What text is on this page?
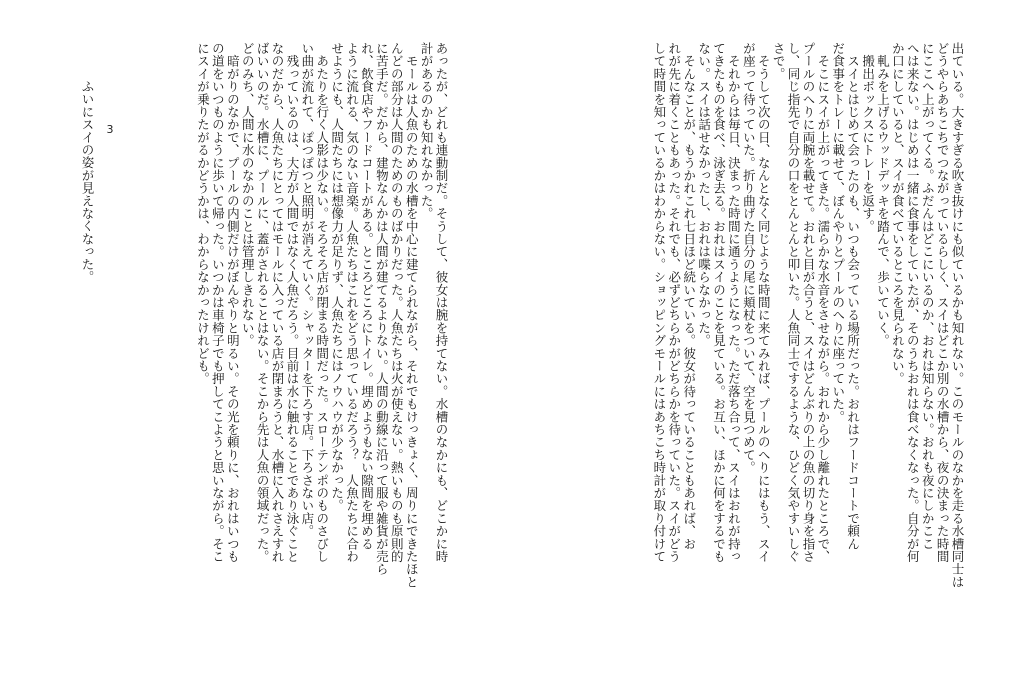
出ている。大きすぎる吹き抜けにも似ているかも知れない。このモールのなかを走る水槽同士は

どうやらあちこちでつながっているらしく、スイはどこか別の水槽から、夜の決まった時間

にここへ上がってくる。ふだんはどこにいるのか、おれは知らない。おれも夜にしかここ

へは来ない。はじめは一緒に食事をしていたが、そのうちおれは食べなくなった。自分が何

か口にしていると、スイが食べているところを見られない。

　軋みを上げるウッドデッキを踏んで、歩いていく。

　搬出ボックスにトレーを返す。

　スイとはじめて会ったのも、いつも会っている場所だった。おれはフードコートで頼ん

だ食事をトレーに載せて、ぼんやりとプールのへりに座っていた。

　そこにスイが上がってきた。濡らかな水音をさせながら。おれから少し離れたところで、

プールのへりに両腕を載せて。おれと目が合うと、スイはどんぶりの上の魚の切り身を指さ

し、同じ指先で自分の口をとんとんと叩いた。人魚同士でするような、ひどく気やすいしぐ

さで。

　そうして次の日、なんとなく同じような時間に来てみれば、プールのへりにはもう、スイ

が座って待っていた。折り曲げた自分の尾に頬杖をついて、空を見つめて。

　それからは毎日、決まった時間に通うようになった。ただ落ち合って、スイはおれが持っ

てきたものを食べ、泳ぎ去る。おれはスイのことを見ている。お互い、ほかに何をするでも

ない。スイは話せなかったし、おれは喋らなかった。

　そんなことが、もうかれこれ七日ほど続いている。彼女が待っていることもあれば、お

れが先に着くこともあった。それでも、必ずどちらかがどちらかを待っていた。スイがどう

して時間を知っているかはわからない。ショッピングモールにはあちこち時計が取り付けて

あったが、どれも連動制だ。そうして、彼女は腕を持てない。水槽のなかにも、どこかに時

計があるのかも知れなかった。

　モールは人魚のための水槽を中心に建てられながら、それでもけっきょく、周りにできたほと

んどの部分は人間のためのものばかりだった。人魚たちは火が使えない。熱いものも原則的

に苦手だ。だから、建物なんかは人間が建てるよりない。人間の動線に沿って服や雑貨が売ら

れ、飲食店やフードコートがある。ところどころにトイレ。埋めようもない隙間を埋める

ように流れる、気のない音楽。人魚たちはこれをどう思っているだろう？　人魚たちに合わ

せようにも、人間たちには想像力が足りず、人魚たちにはノウハウが少なかった。

　あたりを行く人影は少ない。そろそろ店が閉まる時間だった。スローテンポのものさびし

い曲が流れて、ぽつぽつと照明が消えていく。シャッターを下ろす店。下ろさない店。

　残っているのは、大方が人間ではなく人魚だろう。目前は水に触れることであり泳ぐこと

なのだから、人魚たちにとってはモールに入っている店が閉まろうと、水槽に入れさえすれ

ばいいのだ。水槽に、プールに、蓋がされることはない。そこから先は人魚の領域だった。

どのみち、人間に水のなかのことは管理しきれない。

　暗がりのなかで、プールの内側だけがぼんやりと明るい。その光を頼りに、おれはいつも

の道をいつものように歩いて帰った。いつかは車椅子でも押してこようと思いながら。そこ

にスイが乗りたがるかどうかは、わからなかったけれども。

3

ふいにスイの姿が見えなくなった。
